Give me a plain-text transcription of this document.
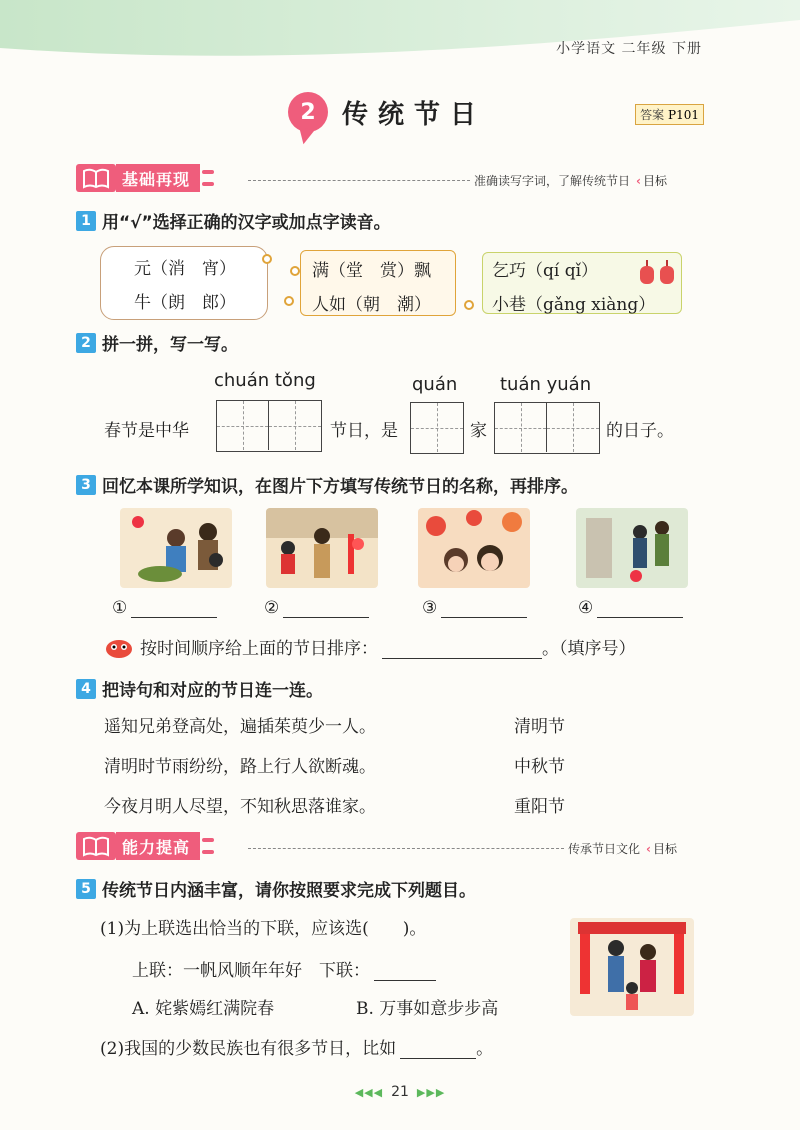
小学语文 二年级 下册
2	传统节日	答案 P101
基础再现	准确读写字词，了解传统节日 ‹ 目标
1 用“√”选择正确的汉字或加点字读音。
元（消　宵）
牛（朗　郎）
满（堂　赏）飘
人如（朝　潮）
乞巧（qí qǐ）
小巷（gǎng xiàng）
2 拼一拼，写一写。
chuán tǒng	quán tuán yuán
春节是中华	节日，是	家	的日子。
3 回忆本课所学知识，在图片下方填写传统节日的名称，再排序。
①	②	③	④
按时间顺序给上面的节日排序：	。（填序号）
4 把诗句和对应的节日连一连。
遥知兄弟登高处，遍插茱萸少一人。
清明时节雨纷纷，路上行人欲断魂。
今夜月明人尽望，不知秋思落谁家。
清明节
中秋节
重阳节
能力提高	传承节日文化 ‹ 目标
5 传统节日内涵丰富，请你按照要求完成下列题目。
(1)为上联选出恰当的下联，应该选(　　)。
上联：一帆风顺年年好　下联：
A. 姹紫嫣红满院春	B. 万事如意步步高
(2)我国的少数民族也有很多节日，比如	。
◀◀◀ 21 ▶▶▶
